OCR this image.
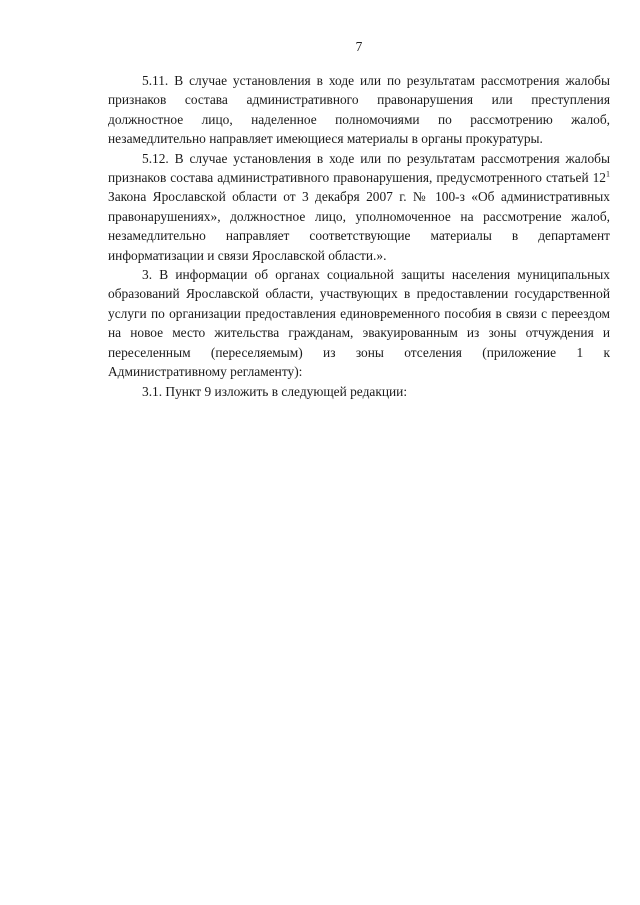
7

5.11. В случае установления в ходе или по результатам рассмотрения жалобы признаков состава административного правонарушения или преступления должностное лицо, наделенное полномочиями по рассмотрению жалоб, незамедлительно направляет имеющиеся материалы в органы прокуратуры.

5.12. В случае установления в ходе или по результатам рассмотрения жалобы признаков состава административного правонарушения, предусмотренного статьей $12^1$ Закона Ярославской области от 3 декабря 2007 г. № 100-з «Об административных правонарушениях», должностное лицо, уполномоченное на рассмотрение жалоб, незамедлительно направляет соответствующие материалы в департамент информатизации и связи Ярославской области.».

3. В информации об органах социальной защиты населения муниципальных образований Ярославской области, участвующих в предоставлении государственной услуги по организации предоставления единовременного пособия в связи с переездом на новое место жительства гражданам, эвакуированным из зоны отчуждения и переселенным (переселяемым) из зоны отселения (приложение 1 к Административному регламенту):

3.1. Пункт 9 изложить в следующей редакции:
